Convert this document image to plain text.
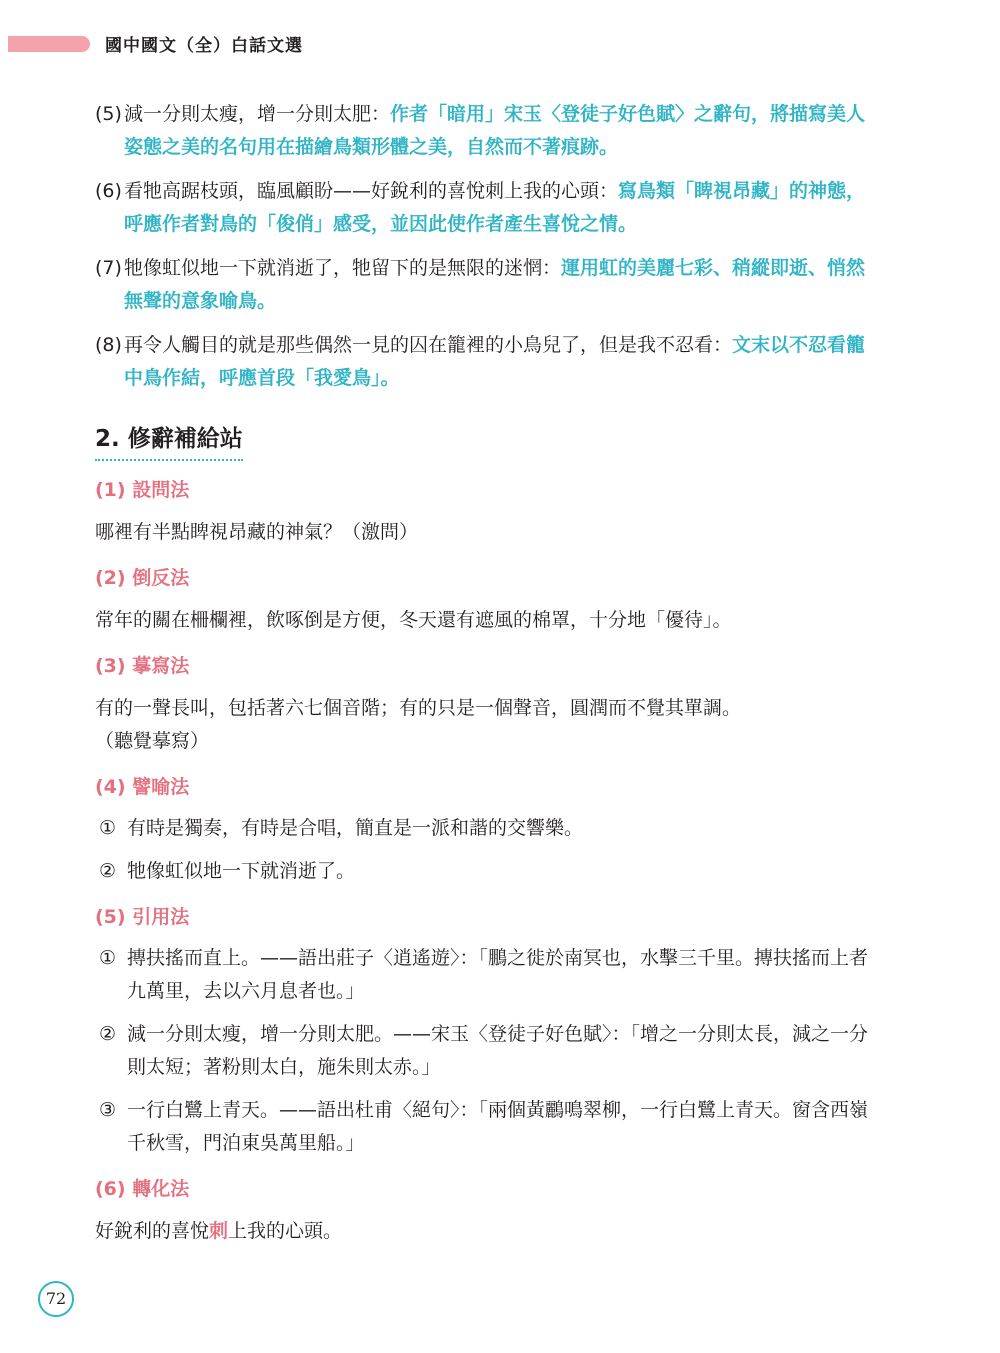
國中國文（全）白話文選
(5) 減一分則太瘦，增一分則太肥：作者「暗用」宋玉〈登徒子好色賦〉之辭句，將描寫美人姿態之美的名句用在描繪鳥類形體之美，自然而不著痕跡。
(6) 看牠高踞枝頭，臨風顧盼——好銳利的喜悅刺上我的心頭：寫鳥類「睥視昂藏」的神態，呼應作者對鳥的「俊俏」感受，並因此使作者產生喜悅之情。
(7) 牠像虹似地一下就消逝了，牠留下的是無限的迷惘：運用虹的美麗七彩、稍縱即逝、悄然無聲的意象喻鳥。
(8) 再令人觸目的就是那些偶然一見的囚在籠裡的小鳥兒了，但是我不忍看：文末以不忍看籠中鳥作結，呼應首段「我愛鳥」。
2. 修辭補給站
(1) 設問法
哪裡有半點睥視昂藏的神氣？（激問）
(2) 倒反法
常年的關在柵欄裡，飲啄倒是方便，冬天還有遮風的棉罩，十分地「優待」。
(3) 摹寫法
有的一聲長叫，包括著六七個音階；有的只是一個聲音，圓潤而不覺其單調。
（聽覺摹寫）
(4) 譬喻法
① 有時是獨奏，有時是合唱，簡直是一派和諧的交響樂。
② 牠像虹似地一下就消逝了。
(5) 引用法
① 摶扶搖而直上。——語出莊子〈逍遙遊〉：「鵬之徙於南冥也，水擊三千里。摶扶搖而上者九萬里，去以六月息者也。」
② 減一分則太瘦，增一分則太肥。——宋玉〈登徒子好色賦〉：「增之一分則太長，減之一分則太短；著粉則太白，施朱則太赤。」
③ 一行白鷺上青天。——語出杜甫〈絕句〉：「兩個黃鸝鳴翠柳，一行白鷺上青天。窗含西嶺千秋雪，門泊東吳萬里船。」
(6) 轉化法
好銳利的喜悅刺上我的心頭。
72
